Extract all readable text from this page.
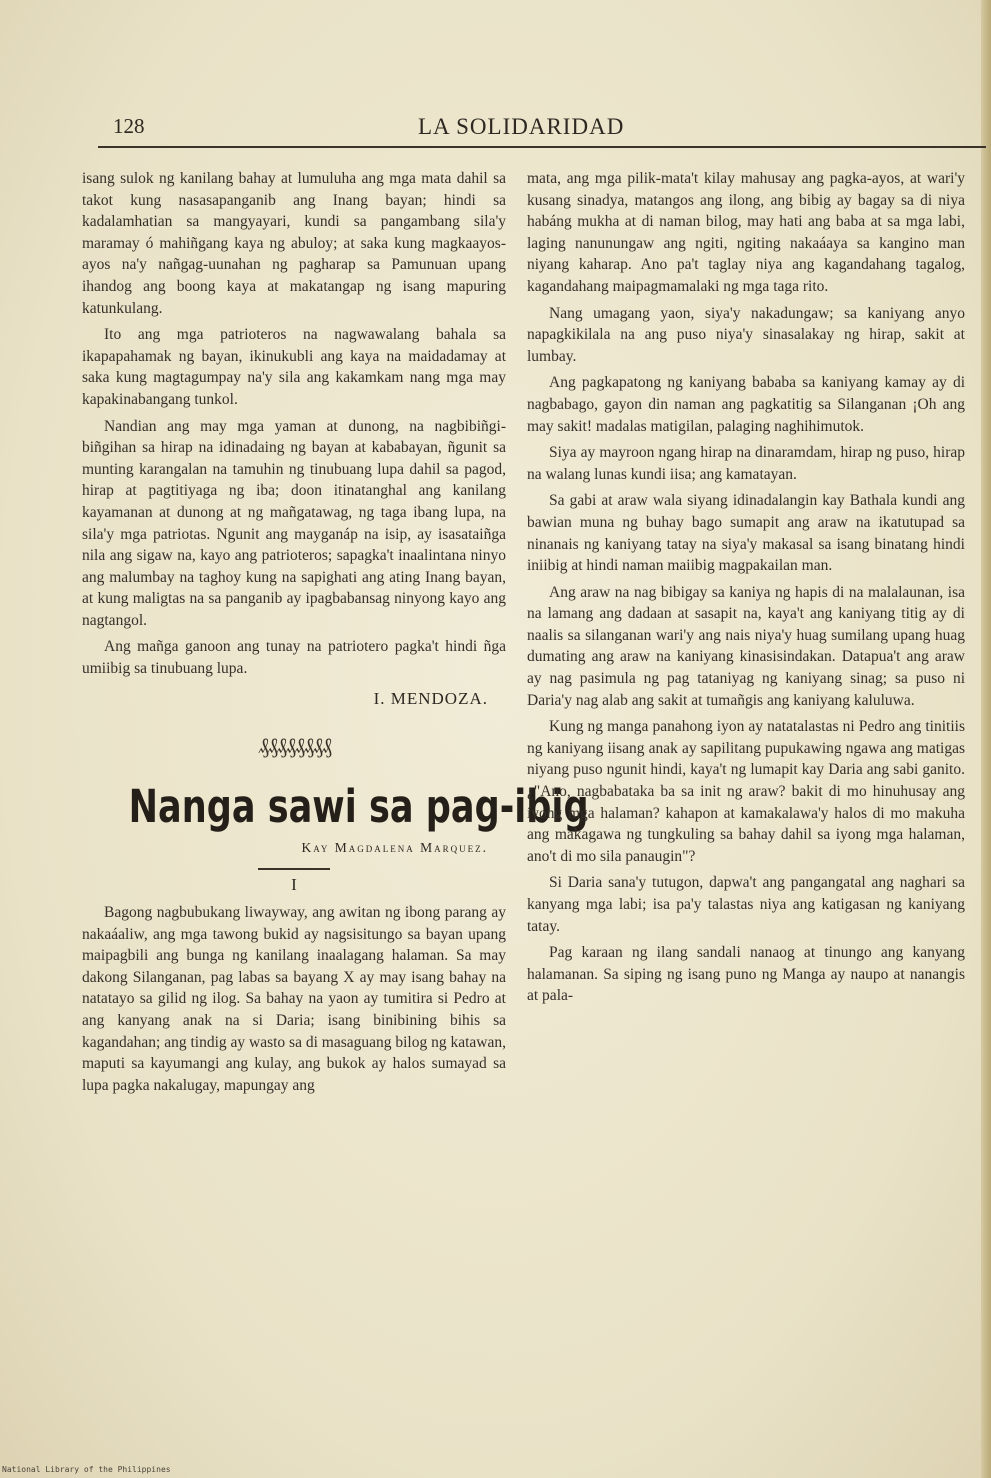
128	LA SOLIDARIDAD

isang sulok ng kanilang bahay at lumuluha ang mga mata dahil sa takot kung nasasapanganib ang Inang bayan; hindi sa kadalamhatian sa mangyayari, kundi sa pangambang sila'y maramay ó mahiñgang kaya ng abuloy; at saka kung magkaayos-ayos na'y nañgag-uunahan ng pagharap sa Pamunuan upang ihandog ang boong kaya at makatangap ng isang mapuring katunkulang.

Ito ang mga patrioteros na nagwawalang bahala sa ikapapahamak ng bayan, ikinukubli ang kaya na maidadamay at saka kung magtagumpay na'y sila ang kakamkam nang mga may kapakinabangang tunkol.

Nandian ang may mga yaman at dunong, na nagbibiñgi-biñgihan sa hirap na idinadaing ng bayan at kababayan, ñgunit sa munting karangalan na tamuhin ng tinubuang lupa dahil sa pagod, hirap at pagtitiyaga ng iba; doon itinatanghal ang kanilang kayamanan at dunong at ng mañgatawag, ng taga ibang lupa, na sila'y mga patriotas. Ngunit ang mayganáp na isip, ay isasataiñga nila ang sigaw na, kayo ang patrioteros; sapagka't inaalintana ninyo ang malumbay na taghoy kung na sapighati ang ating Inang bayan, at kung maligtas na sa panganib ay ipagbabansag ninyong kayo ang nagtangol.

Ang mañga ganoon ang tunay na patriotero pagka't hindi ñga umiibig sa tinubuang lupa.

I. MENDOZA.
₰₰₰₰₰₰₰₰
Nanga sawi sa pag-ibig
Kay Magdalena Marquez.
I

Bagong nagbubukang liwayway, ang awitan ng ibong parang ay nakaáaliw, ang mga tawong bukid ay nagsisitungo sa bayan upang maipagbili ang bunga ng kanilang inaalagang halaman. Sa may dakong Silanganan, pag labas sa bayang X ay may isang bahay na natatayo sa gilid ng ilog. Sa bahay na yaon ay tumitira si Pedro at ang kanyang anak na si Daria; isang binibining bihis sa kagandahan; ang tindig ay wasto sa di masaguang bilog ng katawan, maputi sa kayumangi ang kulay, ang bukok ay halos sumayad sa lupa pagka nakalugay, mapungay ang

mata, ang mga pilik-mata't kilay mahusay ang pagka-ayos, at wari'y kusang sinadya, matangos ang ilong, ang bibig ay bagay sa di niya habáng mukha at di naman bilog, may hati ang baba at sa mga labi, laging nanunungaw ang ngiti, ngiting nakaáaya sa kangino man niyang kaharap. Ano pa't taglay niya ang kagandahang tagalog, kagandahang maipagmamalaki ng mga taga rito.

Nang umagang yaon, siya'y nakadungaw; sa kaniyang anyo napagkikilala na ang puso niya'y sinasalakay ng hirap, sakit at lumbay.

Ang pagkapatong ng kaniyang bababa sa kaniyang kamay ay di nagbabago, gayon din naman ang pagkatitig sa Silanganan ¡Oh ang may sakit! madalas matigilan, palaging naghihimutok.

Siya ay mayroon ngang hirap na dinaramdam, hirap ng puso, hirap na walang lunas kundi iisa; ang kamatayan.

Sa gabi at araw wala siyang idinadalangin kay Bathala kundi ang bawian muna ng buhay bago sumapit ang araw na ikatutupad sa ninanais ng kaniyang tatay na siya'y makasal sa isang binatang hindi iniibig at hindi naman maiibig magpakailan man.

Ang araw na nag bibigay sa kaniya ng hapis di na malalaunan, isa na lamang ang dadaan at sasapit na, kaya't ang kaniyang titig ay di naalis sa silanganan wari'y ang nais niya'y huag sumilang upang huag dumating ang araw na kaniyang kinasisindakan. Datapua't ang araw ay nag pasimula ng pag tataniyag ng kaniyang sinag; sa puso ni Daria'y nag alab ang sakit at tumañgis ang kaniyang kaluluwa.

Kung ng manga panahong iyon ay natatalastas ni Pedro ang tinitiis ng kaniyang iisang anak ay sapilitang pupukawing ngawa ang matigas niyang puso ngunit hindi, kaya't ng lumapit kay Daria ang sabi ganito. ¿"Ano, nagbabataka ba sa init ng araw? bakit di mo hinuhusay ang iyong mga halaman? kahapon at kamakalawa'y halos di mo makuha ang makagawa ng tungkuling sa bahay dahil sa iyong mga halaman, ano't di mo sila panaugin"?

Si Daria sana'y tutugon, dapwa't ang pangangatal ang naghari sa kanyang mga labi; isa pa'y talastas niya ang katigasan ng kaniyang tatay.

Pag karaan ng ilang sandali nanaog at tinungo ang kanyang halamanan. Sa siping ng isang puno ng Manga ay naupo at nanangis at pala-

National Library of the Philippines
